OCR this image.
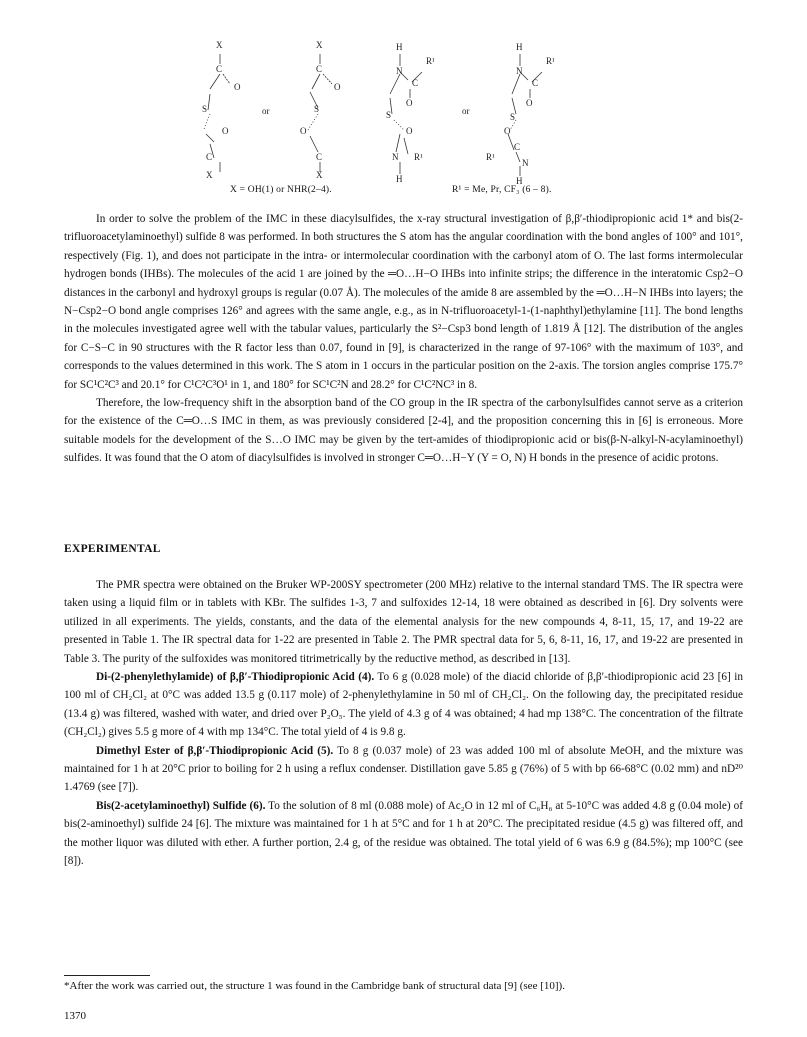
X
C
O
S
O
C
X
or
X
C
O
S
O
C
X
H
R¹
N
C
O
S
O
N R¹
H
or
H
R¹
N
C
O
S
O
C
R¹
N
H
X = OH(1) or NHR(2–4).	R¹ = Me, Pr, CF₃ (6 – 8).

In order to solve the problem of the IMC in these diacylsulfides, the x-ray structural investigation of β,β′-thiodipropionic acid 1* and bis(2-trifluoroacetylaminoethyl) sulfide 8 was performed. In both structures the S atom has the angular coordination with the bond angles of 100° and 101°, respectively (Fig. 1), and does not participate in the intra- or intermolecular coordination with the carbonyl atom of O. The last forms intermolecular hydrogen bonds (IHBs). The molecules of the acid 1 are joined by the ═O…H−O IHBs into infinite strips; the difference in the interatomic Csp2−O distances in the carbonyl and hydroxyl groups is regular (0.07 Å). The molecules of the amide 8 are assembled by the ═O…H−N IHBs into layers; the N−Csp2−O bond angle comprises 126° and agrees with the same angle, e.g., as in N-trifluoroacetyl-1-(1-naphthyl)ethylamine [11]. The bond lengths in the molecules investigated agree well with the tabular values, particularly the S²−Csp3 bond length of 1.819 Å [12]. The distribution of the angles for C−S−C in 90 structures with the R factor less than 0.07, found in [9], is characterized in the range of 97-106° with the maximum of 103°, and corresponds to the values determined in this work. The S atom in 1 occurs in the particular position on the 2-axis. The torsion angles comprise 175.7° for SC¹C²C³ and 20.1° for C¹C²C³O¹ in 1, and 180° for SC¹C²N and 28.2° for C¹C²NC³ in 8.

Therefore, the low-frequency shift in the absorption band of the CO group in the IR spectra of the carbonylsulfides cannot serve as a criterion for the existence of the C═O…S IMC in them, as was previously considered [2-4], and the proposition concerning this in [6] is erroneous. More suitable models for the development of the S…O IMC may be given by the tert-amides of thiodipropionic acid or bis(β-N-alkyl-N-acylaminoethyl) sulfides. It was found that the O atom of diacylsulfides is involved in stronger C═O…H−Y (Y = O, N) H bonds in the presence of acidic protons.

EXPERIMENTAL

The PMR spectra were obtained on the Bruker WP-200SY spectrometer (200 MHz) relative to the internal standard TMS. The IR spectra were taken using a liquid film or in tablets with KBr. The sulfides 1-3, 7 and sulfoxides 12-14, 18 were obtained as described in [6]. Dry solvents were utilized in all experiments. The yields, constants, and the data of the elemental analysis for the new compounds 4, 8-11, 15, 17, and 19-22 are presented in Table 1. The IR spectral data for 1-22 are presented in Table 2. The PMR spectral data for 5, 6, 8-11, 16, 17, and 19-22 are presented in Table 3. The purity of the sulfoxides was monitored titrimetrically by the reductive method, as described in [13].

Di-(2-phenylethylamide) of β,β′-Thiodipropionic Acid (4). To 6 g (0.028 mole) of the diacid chloride of β,β′-thiodipropionic acid 23 [6] in 100 ml of CH₂Cl₂ at 0°C was added 13.5 g (0.117 mole) of 2-phenylethylamine in 50 ml of CH₂Cl₂. On the following day, the precipitated residue (13.4 g) was filtered, washed with water, and dried over P₂O₅. The yield of 4.3 g of 4 was obtained; 4 had mp 138°C. The concentration of the filtrate (CH₂Cl₂) gives 5.5 g more of 4 with mp 134°C. The total yield of 4 is 9.8 g.

Dimethyl Ester of β,β′-Thiodipropionic Acid (5). To 8 g (0.037 mole) of 23 was added 100 ml of absolute MeOH, and the mixture was maintained for 1 h at 20°C prior to boiling for 2 h using a reflux condenser. Distillation gave 5.85 g (76%) of 5 with bp 66-68°C (0.02 mm) and nD²⁰ 1.4769 (see [7]).

Bis(2-acetylaminoethyl) Sulfide (6). To the solution of 8 ml (0.088 mole) of Ac₂O in 12 ml of C₆H₆ at 5-10°C was added 4.8 g (0.04 mole) of bis(2-aminoethyl) sulfide 24 [6]. The mixture was maintained for 1 h at 5°C and for 1 h at 20°C. The precipitated residue (4.5 g) was filtered off, and the mother liquor was diluted with ether. A further portion, 2.4 g, of the residue was obtained. The total yield of 6 was 6.9 g (84.5%); mp 100°C (see [8]).

*After the work was carried out, the structure 1 was found in the Cambridge bank of structural data [9] (see [10]).
1370
